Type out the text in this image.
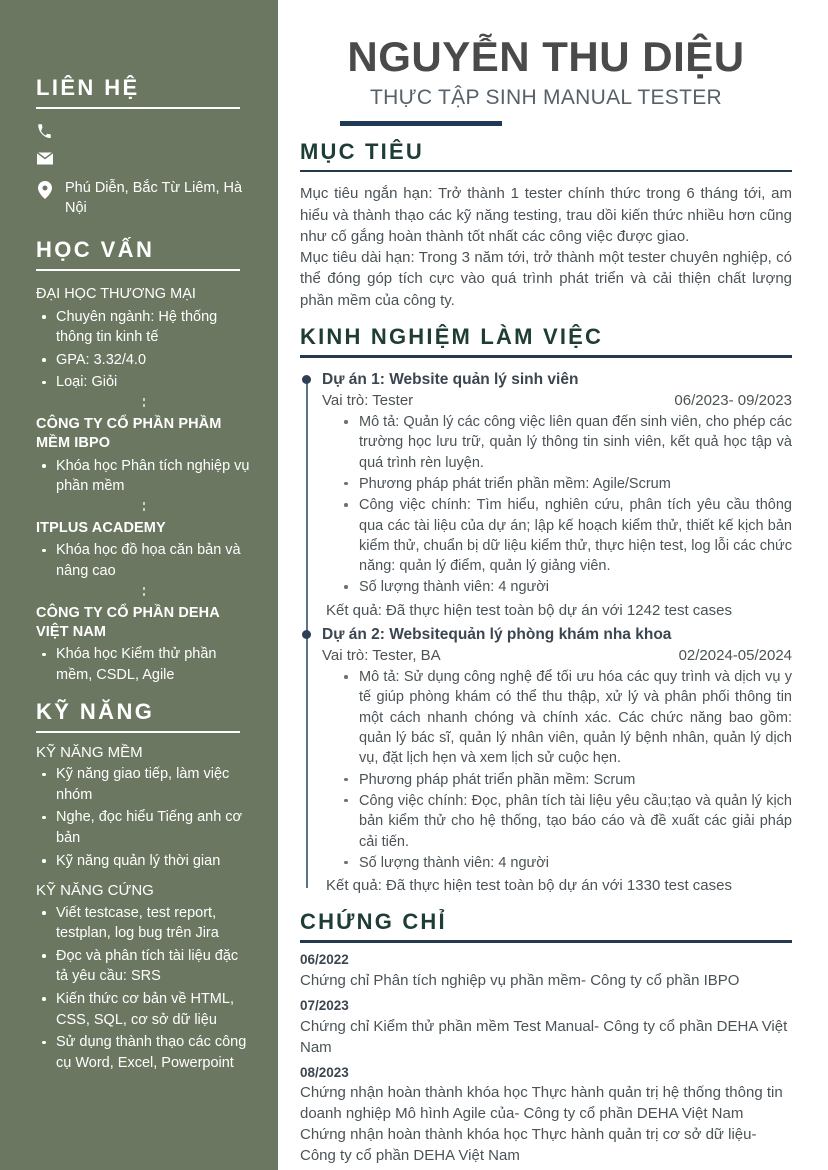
LIÊN HỆ
Phú Diễn, Bắc Từ Liêm, Hà Nội
HỌC VẤN
ĐẠI HỌC THƯƠNG MẠI
Chuyên ngành: Hệ thống thông tin kinh tế
GPA: 3.32/4.0
Loại: Giỏi
CÔNG TY CỔ PHẦN PHẦM MỀM IBPO
Khóa học Phân tích nghiệp vụ phần mềm
ITPLUS ACADEMY
Khóa học đồ họa căn bản và nâng cao
CÔNG TY CỔ PHẦN DEHA VIỆT NAM
Khóa học Kiểm thử phần mềm, CSDL, Agile
KỸ NĂNG
KỸ NĂNG MỀM
Kỹ năng giao tiếp, làm việc nhóm
Nghe, đọc hiểu Tiếng anh cơ bản
Kỹ năng quản lý thời gian
KỸ NĂNG CỨNG
Viết testcase, test report, testplan, log bug trên Jira
Đọc và phân tích tài liệu đặc tả yêu cầu: SRS
Kiến thức cơ bản về HTML, CSS, SQL, cơ sở dữ liệu
Sử dụng thành thạo các công cụ Word, Excel, Powerpoint
NGUYỄN THU DIỆU
THỰC TẬP SINH MANUAL TESTER
MỤC TIÊU

Mục tiêu ngắn hạn: Trở thành 1 tester chính thức trong 6 tháng tới, am hiểu và thành thạo các kỹ năng testing, trau dồi kiến thức nhiều hơn cũng như cố gắng hoàn thành tốt nhất các công việc được giao.

Mục tiêu dài hạn: Trong 3 năm tới, trở thành một tester chuyên nghiệp, có thể đóng góp tích cực vào quá trình phát triển và cải thiện chất lượng phần mềm của công ty.

KINH NGHIỆM LÀM VIỆC
Dự án 1: Website quản lý sinh viên
Vai trò: Tester	06/2023- 09/2023
Mô tả: Quản lý các công việc liên quan đến sinh viên, cho phép các trường học lưu trữ, quản lý thông tin sinh viên, kết quả học tập và quá trình rèn luyện.
Phương pháp phát triển phần mềm: Agile/Scrum
Công việc chính: Tìm hiểu, nghiên cứu, phân tích yêu cầu thông qua các tài liệu của dự án; lập kế hoạch kiểm thử, thiết kế kịch bản kiểm thử, chuẩn bị dữ liệu kiểm thử, thực hiện test, log lỗi các chức năng: quản lý điểm, quản lý giảng viên.
Số lượng thành viên: 4 người
Kết quả: Đã thực hiện test toàn bộ dự án với 1242 test cases
Dự án 2: Websitequản lý phòng khám nha khoa
Vai trò: Tester, BA	02/2024-05/2024
Mô tả: Sử dụng công nghệ để tối ưu hóa các quy trình và dịch vụ y tế giúp phòng khám có thể thu thập, xử lý và phân phối thông tin một cách nhanh chóng và chính xác. Các chức năng bao gồm: quản lý bác sĩ, quản lý nhân viên, quản lý bệnh nhân, quản lý dịch vụ, đặt lịch hẹn và xem lịch sử cuộc hẹn.
Phương pháp phát triển phần mềm: Scrum
Công việc chính: Đọc, phân tích tài liệu yêu cầu;tạo và quản lý kịch bản kiểm thử cho hệ thống, tạo báo cáo và đề xuất các giải pháp cải tiến.
Số lượng thành viên: 4 người
Kết quả: Đã thực hiện test toàn bộ dự án với 1330 test cases
CHỨNG CHỈ
06/2022
Chứng chỉ Phân tích nghiệp vụ phần mềm- Công ty cổ phần IBPO
07/2023
Chứng chỉ Kiểm thử phần mềm Test Manual- Công ty cổ phần DEHA Việt Nam
08/2023
Chứng nhận hoàn thành khóa học Thực hành quản trị hệ thống thông tin doanh nghiệp Mô hình Agile của- Công ty cổ phần DEHA Việt Nam
Chứng nhận hoàn thành khóa học Thực hành quản trị cơ sở dữ liệu- Công ty cổ phần DEHA Việt Nam
